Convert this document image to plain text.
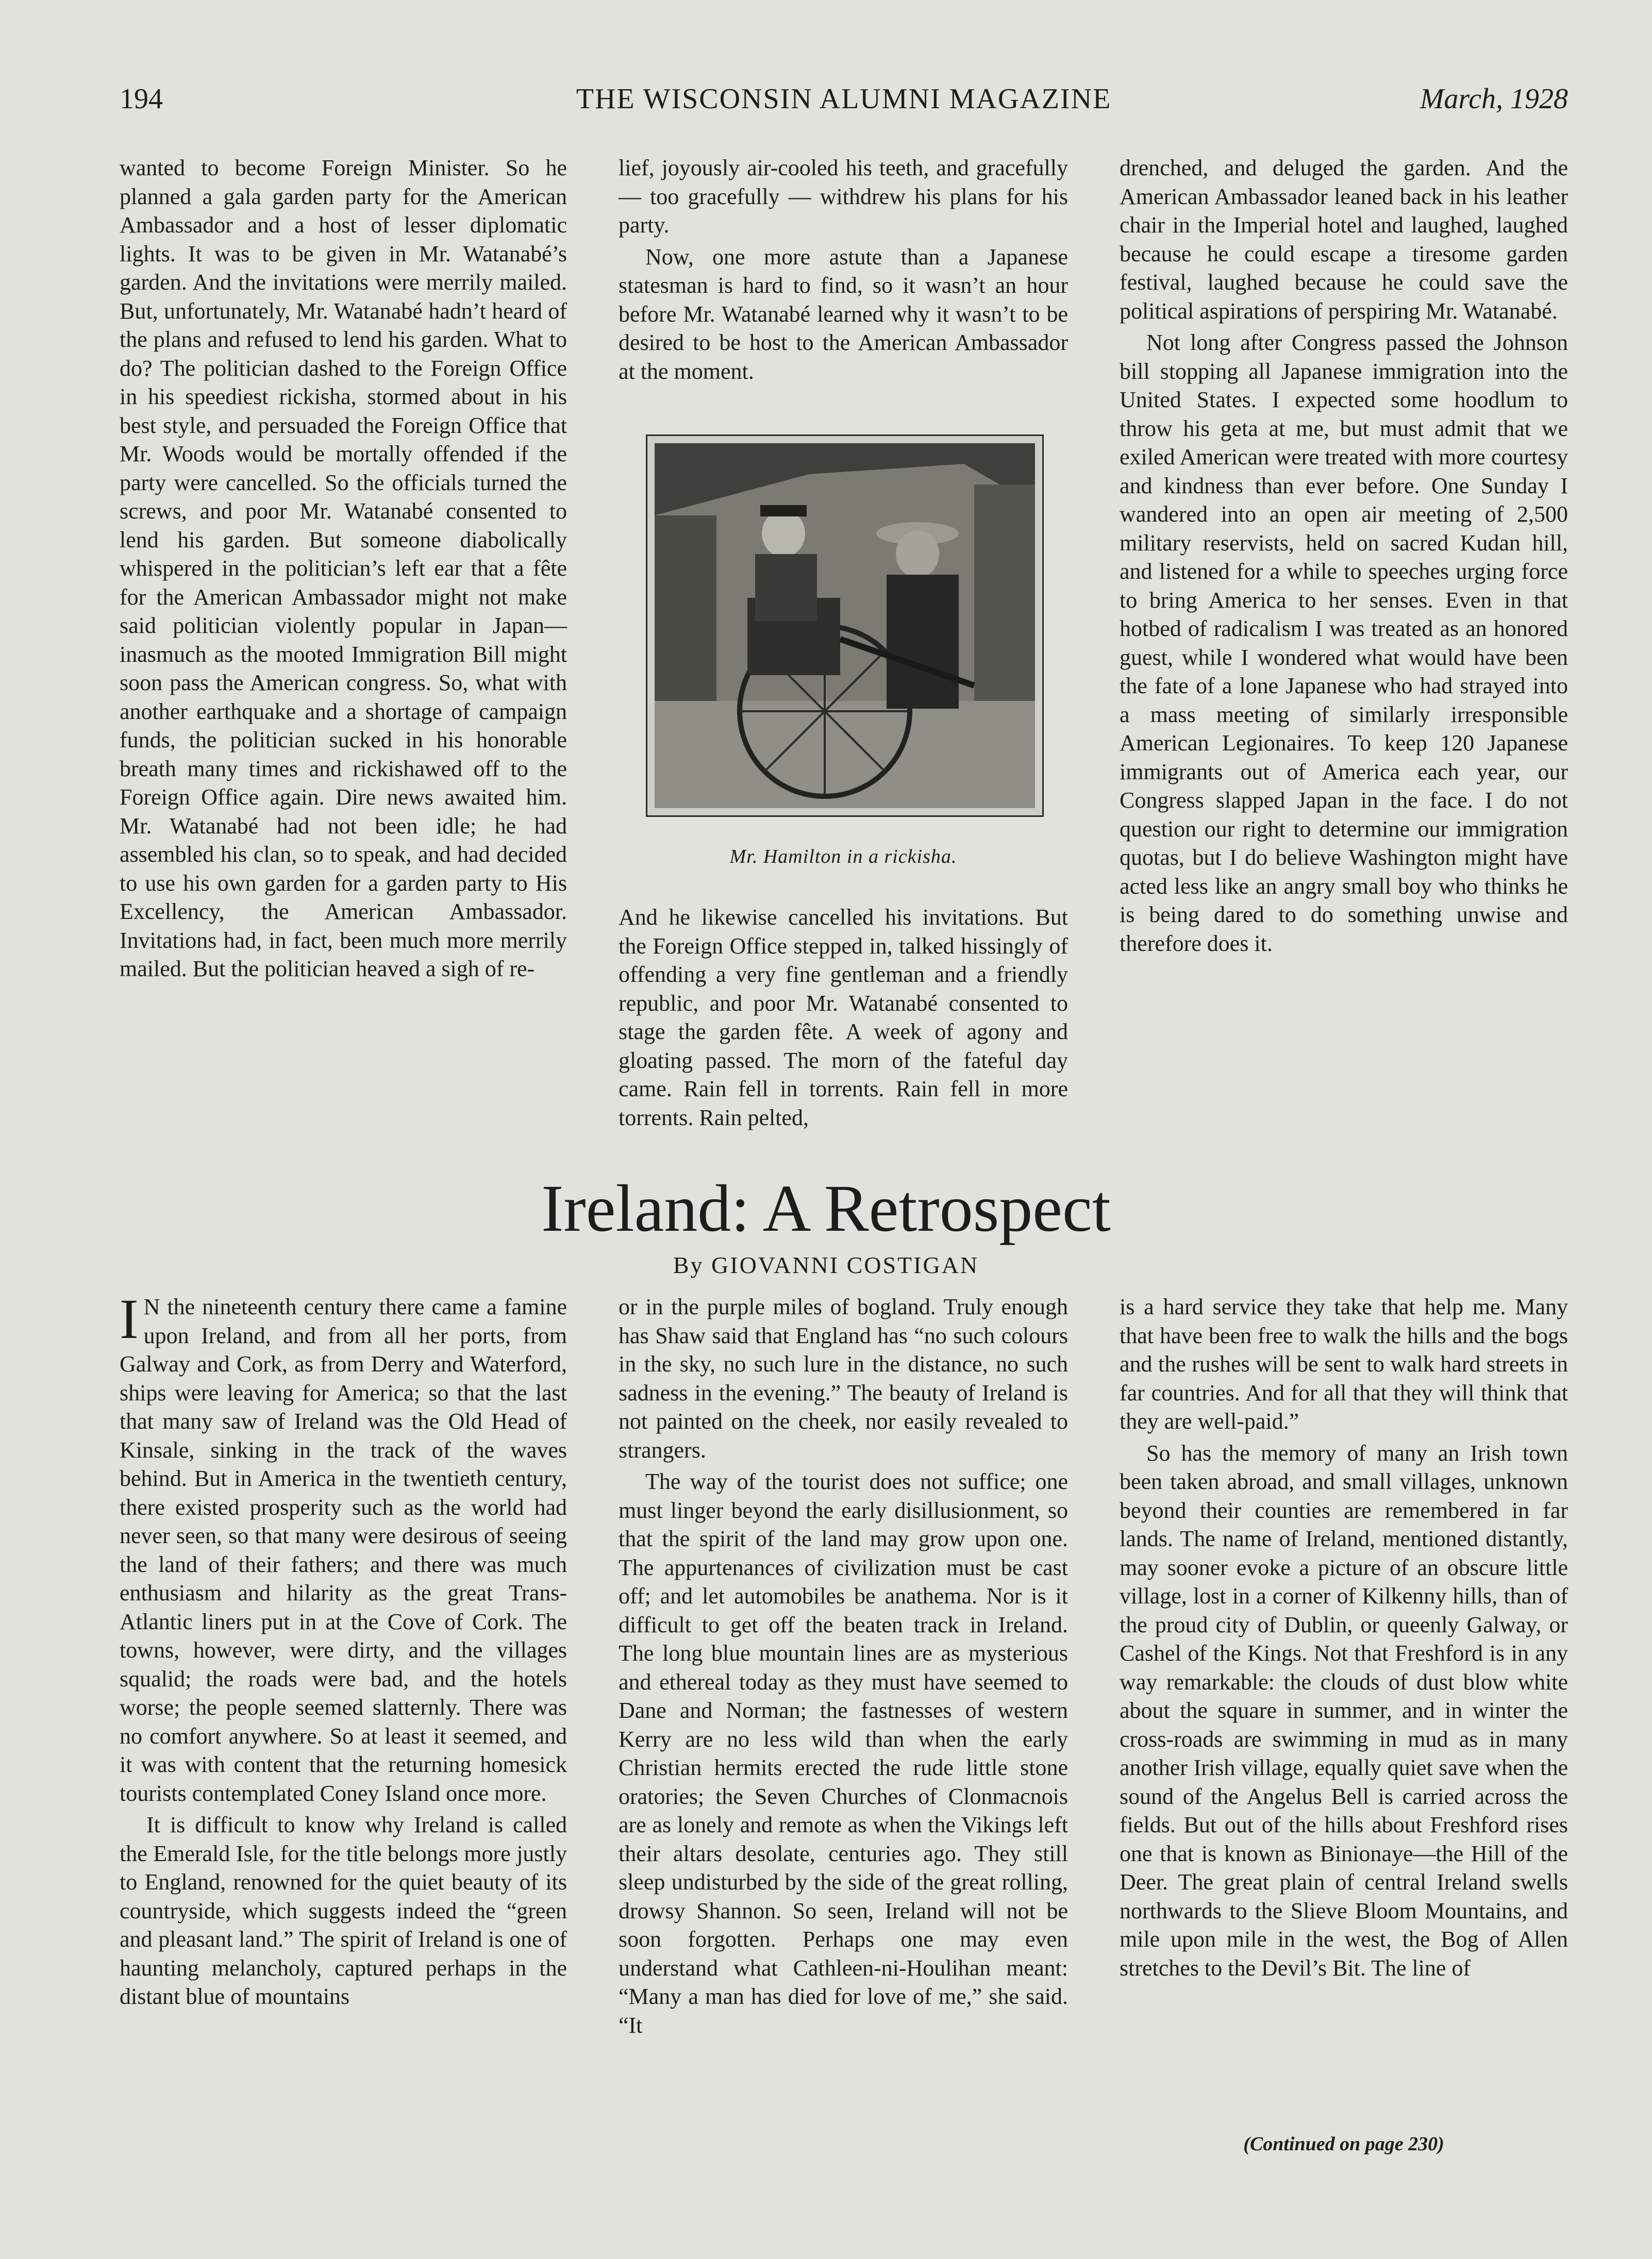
194	THE WISCONSIN ALUMNI MAGAZINE	March, 1928

wanted to become Foreign Minister. So he planned a gala garden party for the American Ambassador and a host of lesser diplomatic lights. It was to be given in Mr. Watanabé’s garden. And the invitations were merrily mailed. But, unfortunately, Mr. Watanabé hadn’t heard of the plans and refused to lend his garden. What to do? The politician dashed to the Foreign Office in his speediest rickisha, stormed about in his best style, and persuaded the Foreign Office that Mr. Woods would be mortally offended if the party were cancelled. So the officials turned the screws, and poor Mr. Watanabé consented to lend his garden. But someone diabolically whispered in the politician’s left ear that a fête for the American Ambassador might not make said politician violently popular in Japan—inasmuch as the mooted Immigration Bill might soon pass the American congress. So, what with another earthquake and a shortage of campaign funds, the politician sucked in his honorable breath many times and rickishawed off to the Foreign Office again. Dire news awaited him. Mr. Watanabé had not been idle; he had assembled his clan, so to speak, and had decided to use his own garden for a garden party to His Excellency, the American Ambassador. Invitations had, in fact, been much more merrily mailed. But the politician heaved a sigh of re-

lief, joyously air-cooled his teeth, and gracefully — too gracefully — withdrew his plans for his party.

Now, one more astute than a Japanese statesman is hard to find, so it wasn’t an hour before Mr. Watanabé learned why it wasn’t to be desired to be host to the American Ambassador at the moment.

Mr. Hamilton in a rickisha.

And he likewise cancelled his invitations. But the Foreign Office stepped in, talked hissingly of offending a very fine gentleman and a friendly republic, and poor Mr. Watanabé consented to stage the garden fête. A week of agony and gloating passed. The morn of the fateful day came. Rain fell in torrents. Rain fell in more torrents. Rain pelted,

drenched, and deluged the garden. And the American Ambassador leaned back in his leather chair in the Imperial hotel and laughed, laughed because he could escape a tiresome garden festival, laughed because he could save the political aspirations of perspiring Mr. Watanabé.

Not long after Congress passed the Johnson bill stopping all Japanese immigration into the United States. I expected some hoodlum to throw his geta at me, but must admit that we exiled American were treated with more courtesy and kindness than ever before. One Sunday I wandered into an open air meeting of 2,500 military reservists, held on sacred Kudan hill, and listened for a while to speeches urging force to bring America to her senses. Even in that hotbed of radicalism I was treated as an honored guest, while I wondered what would have been the fate of a lone Japanese who had strayed into a mass meeting of similarly irresponsible American Legionaires. To keep 120 Japanese immigrants out of America each year, our Congress slapped Japan in the face. I do not question our right to determine our immigration quotas, but I do believe Washington might have acted less like an angry small boy who thinks he is being dared to do something unwise and therefore does it.

Ireland: A Retrospect
By GIOVANNI COSTIGAN

I N the nineteenth century there came a famine upon Ireland, and from all her ports, from Galway and Cork, as from Derry and Waterford, ships were leaving for America; so that the last that many saw of Ireland was the Old Head of Kinsale, sinking in the track of the waves behind. But in America in the twentieth century, there existed prosperity such as the world had never seen, so that many were desirous of seeing the land of their fathers; and there was much enthusiasm and hilarity as the great Trans-Atlantic liners put in at the Cove of Cork. The towns, however, were dirty, and the villages squalid; the roads were bad, and the hotels worse; the people seemed slatternly. There was no comfort anywhere. So at least it seemed, and it was with content that the returning homesick tourists contemplated Coney Island once more.

It is difficult to know why Ireland is called the Emerald Isle, for the title belongs more justly to England, renowned for the quiet beauty of its countryside, which suggests indeed the “green and pleasant land.” The spirit of Ireland is one of haunting melancholy, captured perhaps in the distant blue of mountains

or in the purple miles of bogland. Truly enough has Shaw said that England has “no such colours in the sky, no such lure in the distance, no such sadness in the evening.” The beauty of Ireland is not painted on the cheek, nor easily revealed to strangers.

The way of the tourist does not suffice; one must linger beyond the early disillusionment, so that the spirit of the land may grow upon one. The appurtenances of civilization must be cast off; and let automobiles be anathema. Nor is it difficult to get off the beaten track in Ireland. The long blue mountain lines are as mysterious and ethereal today as they must have seemed to Dane and Norman; the fastnesses of western Kerry are no less wild than when the early Christian hermits erected the rude little stone oratories; the Seven Churches of Clonmacnois are as lonely and remote as when the Vikings left their altars desolate, centuries ago. They still sleep undisturbed by the side of the great rolling, drowsy Shannon. So seen, Ireland will not be soon forgotten. Perhaps one may even understand what Cathleen-ni-Houlihan meant: “Many a man has died for love of me,” she said. “It

is a hard service they take that help me. Many that have been free to walk the hills and the bogs and the rushes will be sent to walk hard streets in far countries. And for all that they will think that they are well-paid.”

So has the memory of many an Irish town been taken abroad, and small villages, unknown beyond their counties are remembered in far lands. The name of Ireland, mentioned distantly, may sooner evoke a picture of an obscure little village, lost in a corner of Kilkenny hills, than of the proud city of Dublin, or queenly Galway, or Cashel of the Kings. Not that Freshford is in any way remarkable: the clouds of dust blow white about the square in summer, and in winter the cross-roads are swimming in mud as in many another Irish village, equally quiet save when the sound of the Angelus Bell is carried across the fields. But out of the hills about Freshford rises one that is known as Binionaye—the Hill of the Deer. The great plain of central Ireland swells northwards to the Slieve Bloom Mountains, and mile upon mile in the west, the Bog of Allen stretches to the Devil’s Bit. The line of

(Continued on page 230)
